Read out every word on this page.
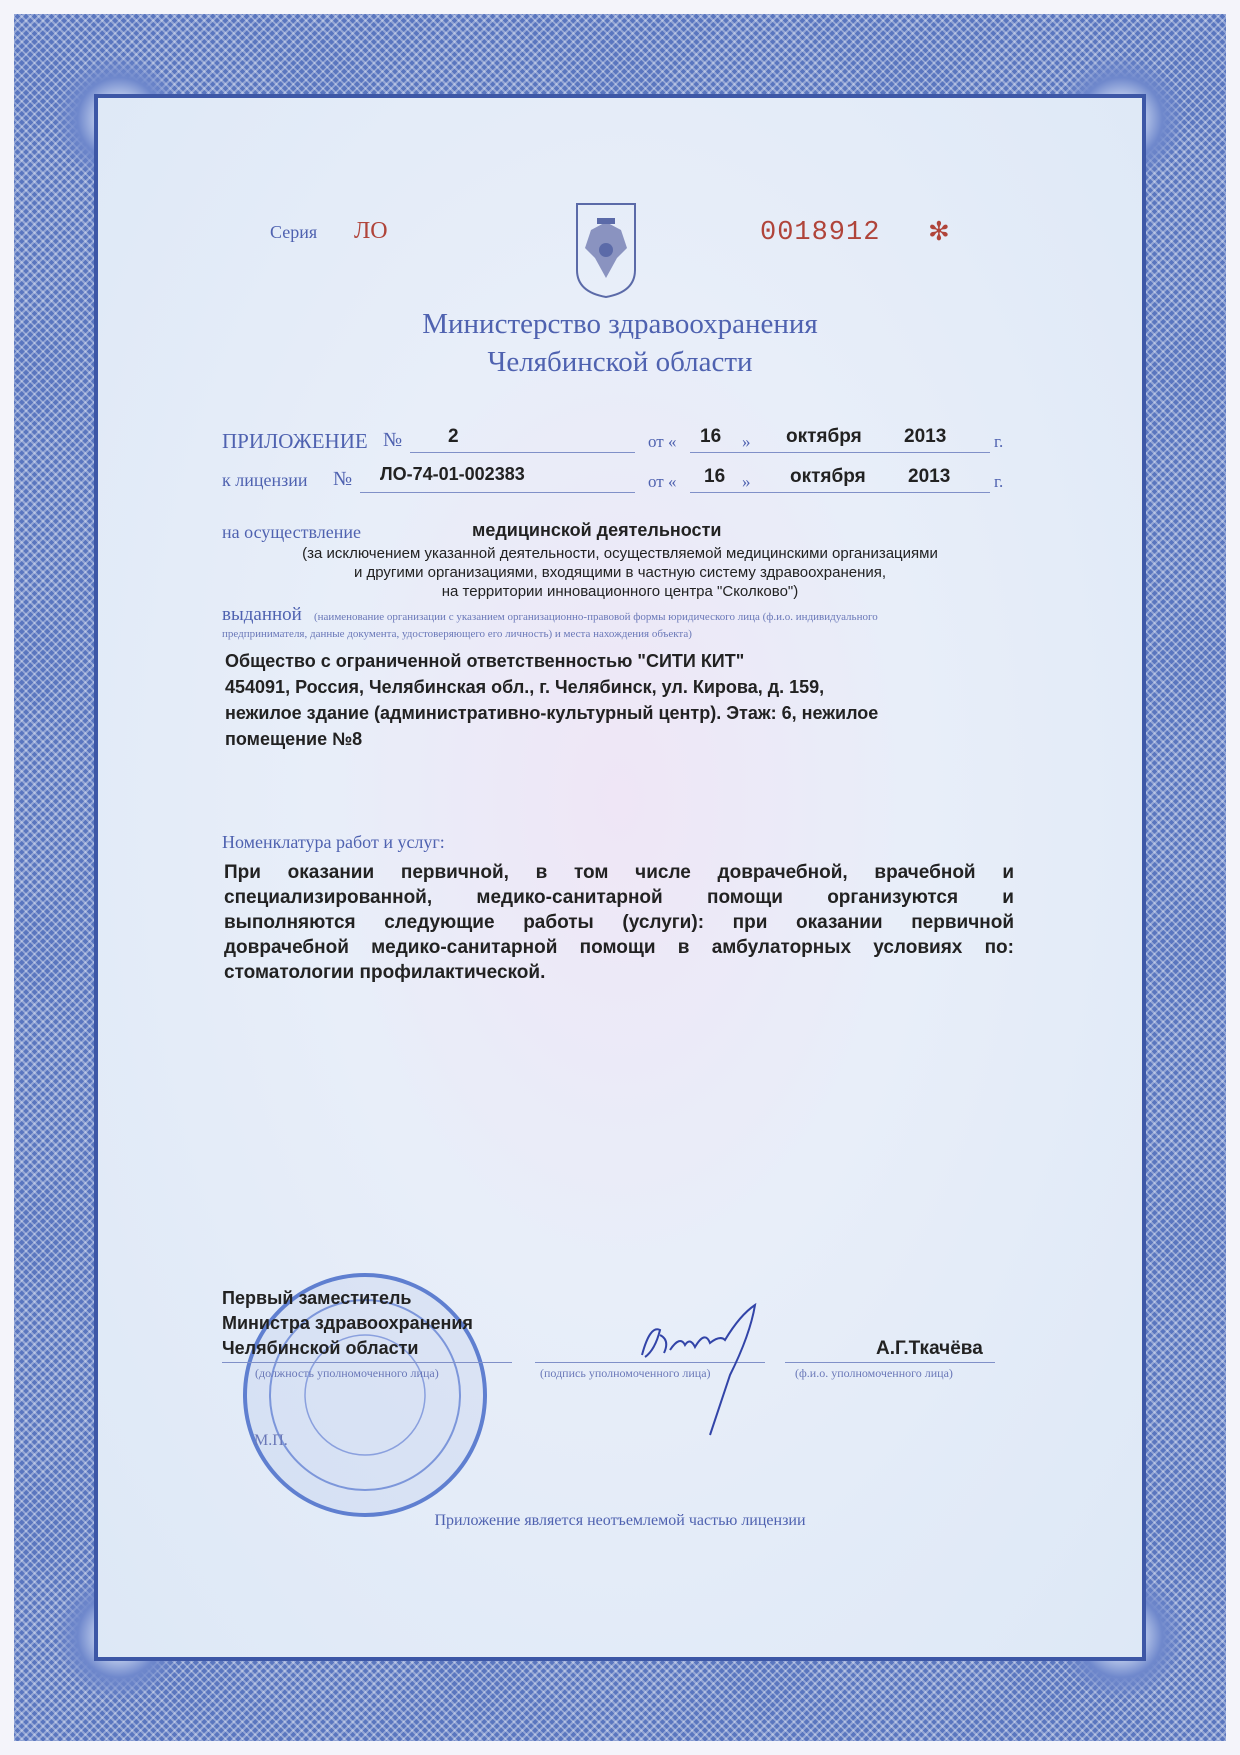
Серия ЛО	0018912 ✻
Министерство здравоохранения
Челябинской области
ПРИЛОЖЕНИЕ № 2	от « 16 » октября 2013	г.
к лицензии № ЛО-74-01-002383	от « 16 » октября 2013	г.
на осуществление	медицинской деятельности
(за исключением указанной деятельности, осуществляемой медицинскими организациями
и другими организациями, входящими в частную систему здравоохранения,
на территории инновационного центра "Сколково")
выданной (наименование организации с указанием организационно-правовой формы юридического лица (ф.и.о. индивидуального
предпринимателя, данные документа, удостоверяющего его личность) и места нахождения объекта)
Общество с ограниченной ответственностью "СИТИ КИТ"
454091, Россия, Челябинская обл., г. Челябинск, ул. Кирова, д. 159,
нежилое здание (административно-культурный центр). Этаж: 6, нежилое
помещение №8
Номенклатура работ и услуг:
При оказании первичной, в том числе доврачебной, врачебной и
специализированной, медико-санитарной помощи организуются и
выполняются следующие работы (услуги): при оказании первичной
доврачебной медико-санитарной помощи в амбулаторных условиях по:
стоматологии профилактической.
Первый заместитель
Министра здравоохранения
Челябинской области
(должность уполномоченного лица)	(подпись уполномоченного лица)	(ф.и.о. уполномоченного лица)
А.Г.Ткачёва
М.П.
Приложение является неотъемлемой частью лицензии
